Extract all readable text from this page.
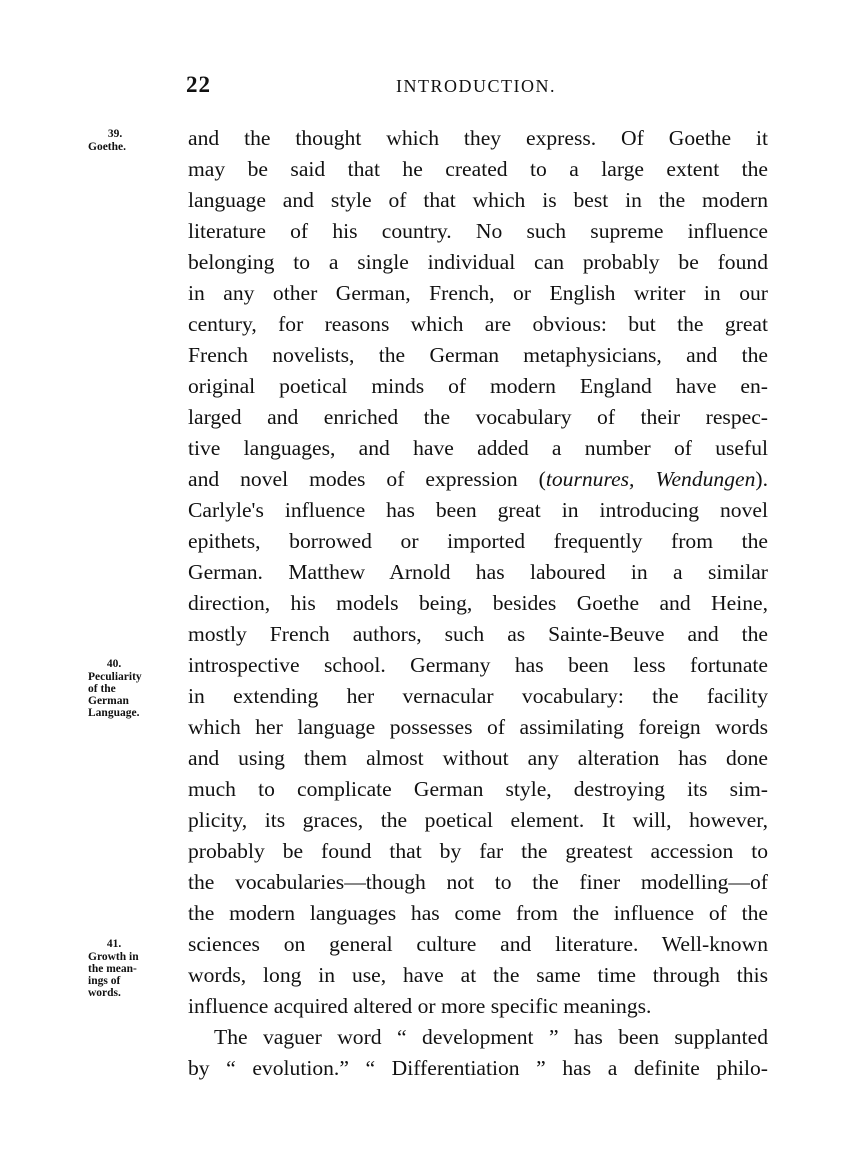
22	INTRODUCTION.
39.
Goethe.
40.
Peculiarity
of the
German
Language.
41.
Growth in
the mean-
ings of
words.
and the thought which they express. Of Goethe it
may be said that he created to a large extent the
language and style of that which is best in the modern
literature of his country. No such supreme influence
belonging to a single individual can probably be found
in any other German, French, or English writer in our
century, for reasons which are obvious: but the great
French novelists, the German metaphysicians, and the
original poetical minds of modern England have en-
larged and enriched the vocabulary of their respec-
tive languages, and have added a number of useful
and novel modes of expression (tournures, Wendungen).
Carlyle's influence has been great in introducing novel
epithets, borrowed or imported frequently from the
German. Matthew Arnold has laboured in a similar
direction, his models being, besides Goethe and Heine,
mostly French authors, such as Sainte-Beuve and the
introspective school. Germany has been less fortunate
in extending her vernacular vocabulary: the facility
which her language possesses of assimilating foreign words
and using them almost without any alteration has done
much to complicate German style, destroying its sim-
plicity, its graces, the poetical element. It will, however,
probably be found that by far the greatest accession to
the vocabularies—though not to the finer modelling—of
the modern languages has come from the influence of the
sciences on general culture and literature. Well-known
words, long in use, have at the same time through this
influence acquired altered or more specific meanings.
The vaguer word “ development ” has been supplanted
by “ evolution.” “ Differentiation ” has a definite philo-
